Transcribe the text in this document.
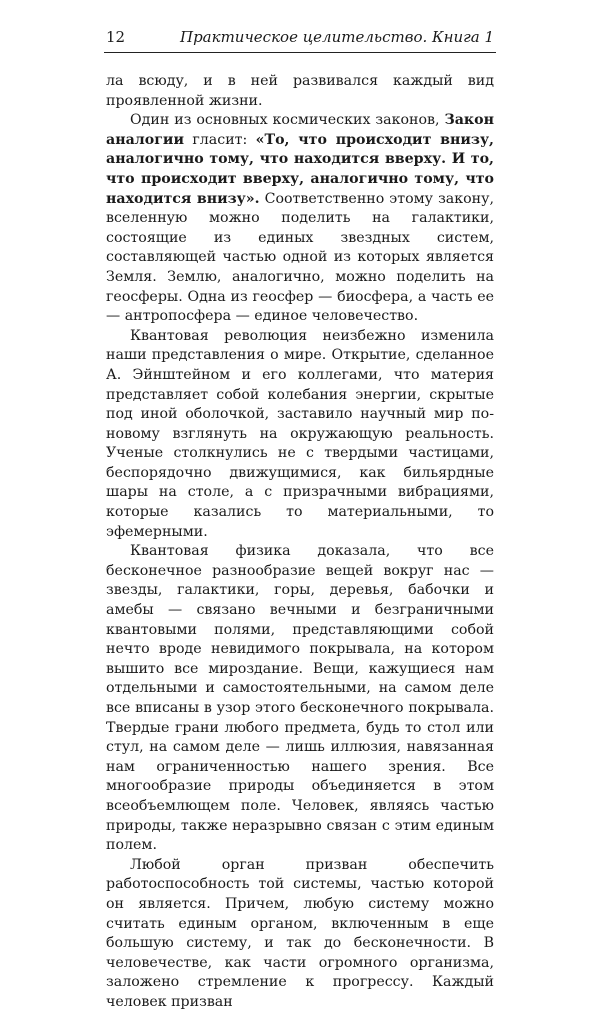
12	Практическое целительство. Книга 1

ла всюду, и в ней развивался каждый вид проявленной жизни.

Один из основных космических законов, Закон аналогии гласит: «То, что происходит внизу, аналогично тому, что находится вверху. И то, что происходит вверху, аналогично тому, что находится внизу». Соответственно этому закону, вселенную можно поделить на галактики, состоящие из единых звездных систем, составляющей частью одной из которых является Земля. Землю, аналогично, можно поделить на геосферы. Одна из геосфер — биосфера, а часть ее — антропосфера — единое человечество.

Квантовая революция неизбежно изменила наши представления о мире. Открытие, сделанное А. Эйнштейном и его коллегами, что материя представляет собой колебания энергии, скрытые под иной оболочкой, заставило научный мир по-новому взглянуть на окружающую реальность. Ученые столкнулись не с твердыми частицами, беспорядочно движущимися, как бильярдные шары на столе, а с призрачными вибрациями, которые казались то материальными, то эфемерными.

Квантовая физика доказала, что все бесконечное разнообразие вещей вокруг нас — звезды, галактики, горы, деревья, бабочки и амебы — связано вечными и безграничными квантовыми полями, представляющими собой нечто вроде невидимого покрывала, на котором вышито все мироздание. Вещи, кажущиеся нам отдельными и самостоятельными, на самом деле все вписаны в узор этого бесконечного покрывала. Твердые грани любого предмета, будь то стол или стул, на самом деле — лишь иллюзия, навязанная нам ограниченностью нашего зрения. Все многообразие природы объединяется в этом всеобъемлющем поле. Человек, являясь частью природы, также неразрывно связан с этим единым полем.

Любой орган призван обеспечить работоспособность той системы, частью которой он является. Причем, любую систему можно считать единым органом, включенным в еще большую систему, и так до бесконечности. В человечестве, как части огромного организма, заложено стремление к прогрессу. Каждый человек призван
